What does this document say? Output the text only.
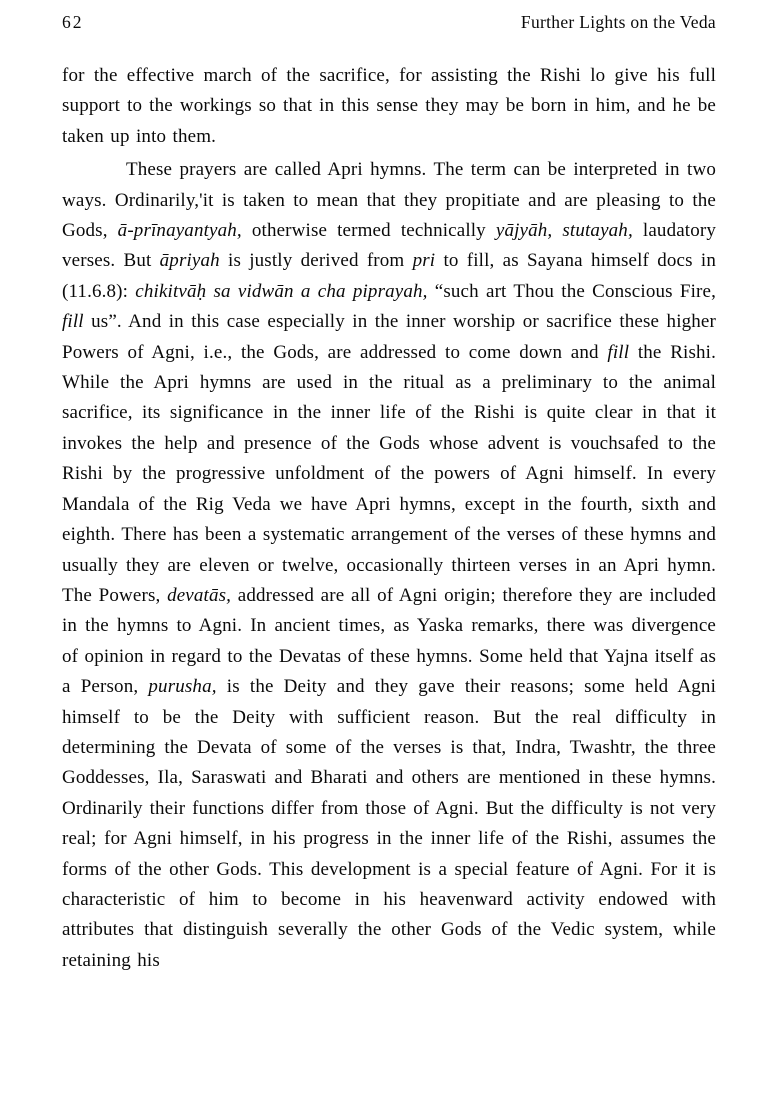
62	Further Lights on the Veda

for the effective march of the sacrifice, for assisting the Rishi lo give his full support to the workings so that in this sense they may be born in him, and he be taken up into them.

These prayers are called Apri hymns. The term can be interpreted in two ways. Ordinarily,'it is taken to mean that they propitiate and are pleasing to the Gods, ā-prīnayantyah, otherwise termed technically yājyāh, stutayah, laudatory verses. But āpriyah is justly derived from pri to fill, as Sayana himself docs in (11.6.8): chikitvāḥ sa vidwān a cha piprayah, “such art Thou the Conscious Fire, fill us”. And in this case especially in the inner worship or sacrifice these higher Powers of Agni, i.e., the Gods, are addressed to come down and fill the Rishi. While the Apri hymns are used in the ritual as a preliminary to the animal sacrifice, its significance in the inner life of the Rishi is quite clear in that it invokes the help and presence of the Gods whose advent is vouchsafed to the Rishi by the progressive unfoldment of the powers of Agni himself. In every Mandala of the Rig Veda we have Apri hymns, except in the fourth, sixth and eighth. There has been a systematic arrangement of the verses of these hymns and usually they are eleven or twelve, occasionally thirteen verses in an Apri hymn. The Powers, devatās, addressed are all of Agni origin; therefore they are included in the hymns to Agni. In ancient times, as Yaska remarks, there was divergence of opinion in regard to the Devatas of these hymns. Some held that Yajna itself as a Person, purusha, is the Deity and they gave their reasons; some held Agni himself to be the Deity with sufficient reason. But the real difficulty in determining the Devata of some of the verses is that, Indra, Twashtr, the three Goddesses, Ila, Saraswati and Bharati and others are mentioned in these hymns. Ordinarily their functions differ from those of Agni. But the difficulty is not very real; for Agni himself, in his progress in the inner life of the Rishi, assumes the forms of the other Gods. This development is a special feature of Agni. For it is characteristic of him to become in his heavenward activity endowed with attributes that distinguish severally the other Gods of the Vedic system, while retaining his
